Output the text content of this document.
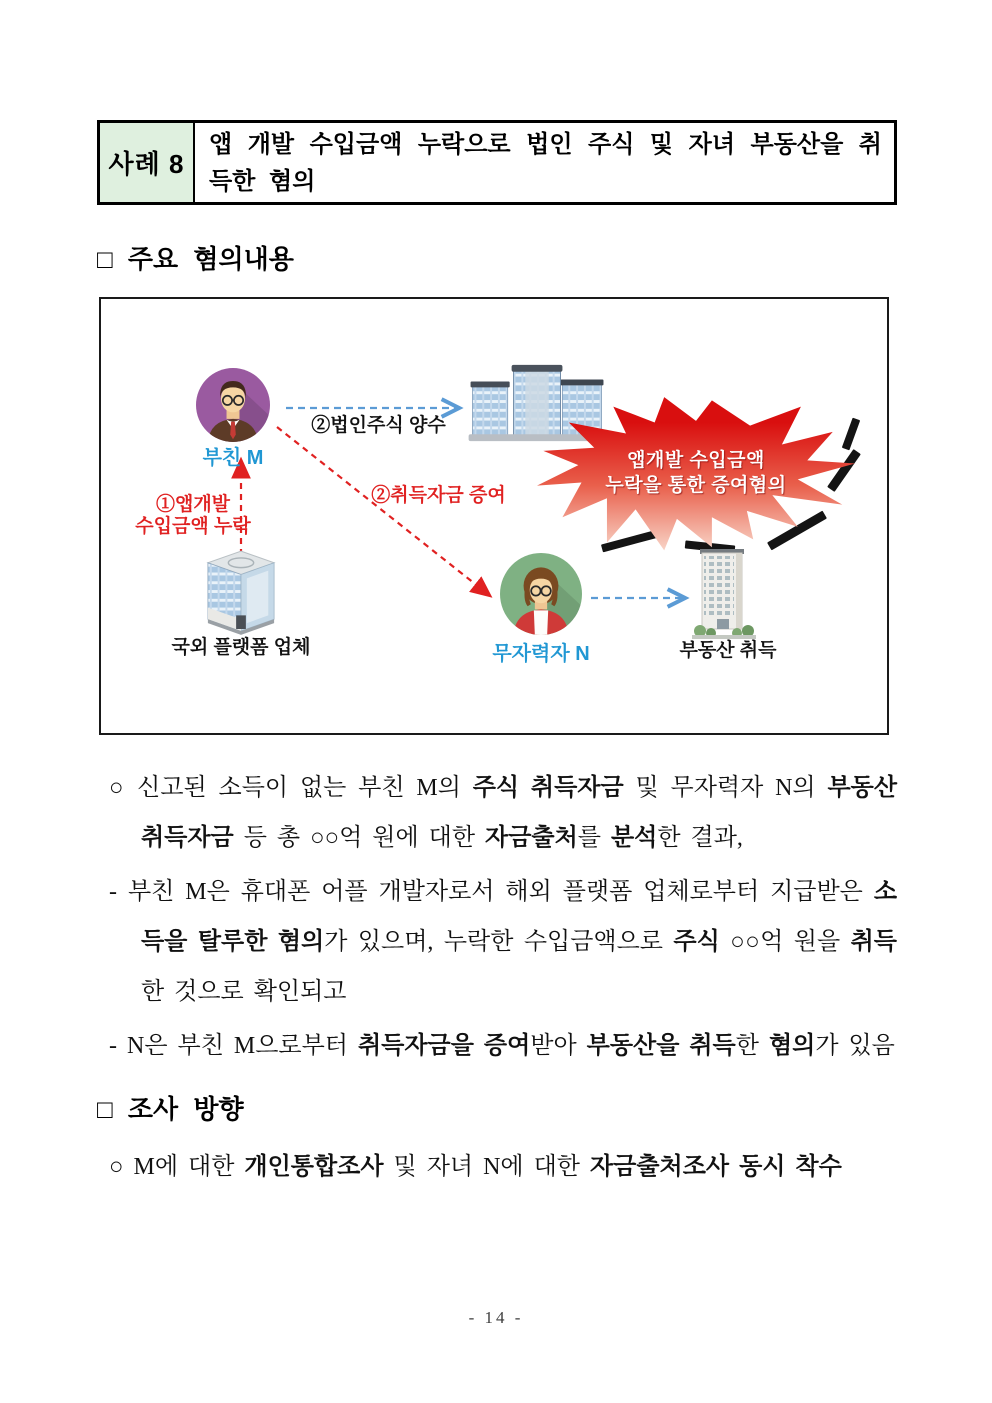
사례 8
앱 개발 수입금액 누락으로 법인 주식 및 자녀 부동산을 취득한 혐의
□ 주요 혐의내용
부친 M
②법인주식 양수
앱개발 수입금액
누락을 통한 증여혐의
②취득자금 증여
①앱개발
수입금액 누락
국외 플랫폼 업체	무자력자 N	부동산 취득

○ 신고된 소득이 없는 부친 M의 주식 취득자금 및 무자력자 N의 부동산 취득자금 등 총 ○○억 원에 대한 자금출처를 분석한 결과,

- 부친 M은 휴대폰 어플 개발자로서 해외 플랫폼 업체로부터 지급받은 소득을 탈루한 혐의가 있으며, 누락한 수입금액으로 주식 ○○억 원을 취득한 것으로 확인되고

- N은 부친 M으로부터 취득자금을 증여받아 부동산을 취득한 혐의가 있음

□ 조사 방향

○ M에 대한 개인통합조사 및 자녀 N에 대한 자금출처조사 동시 착수

- 14 -
